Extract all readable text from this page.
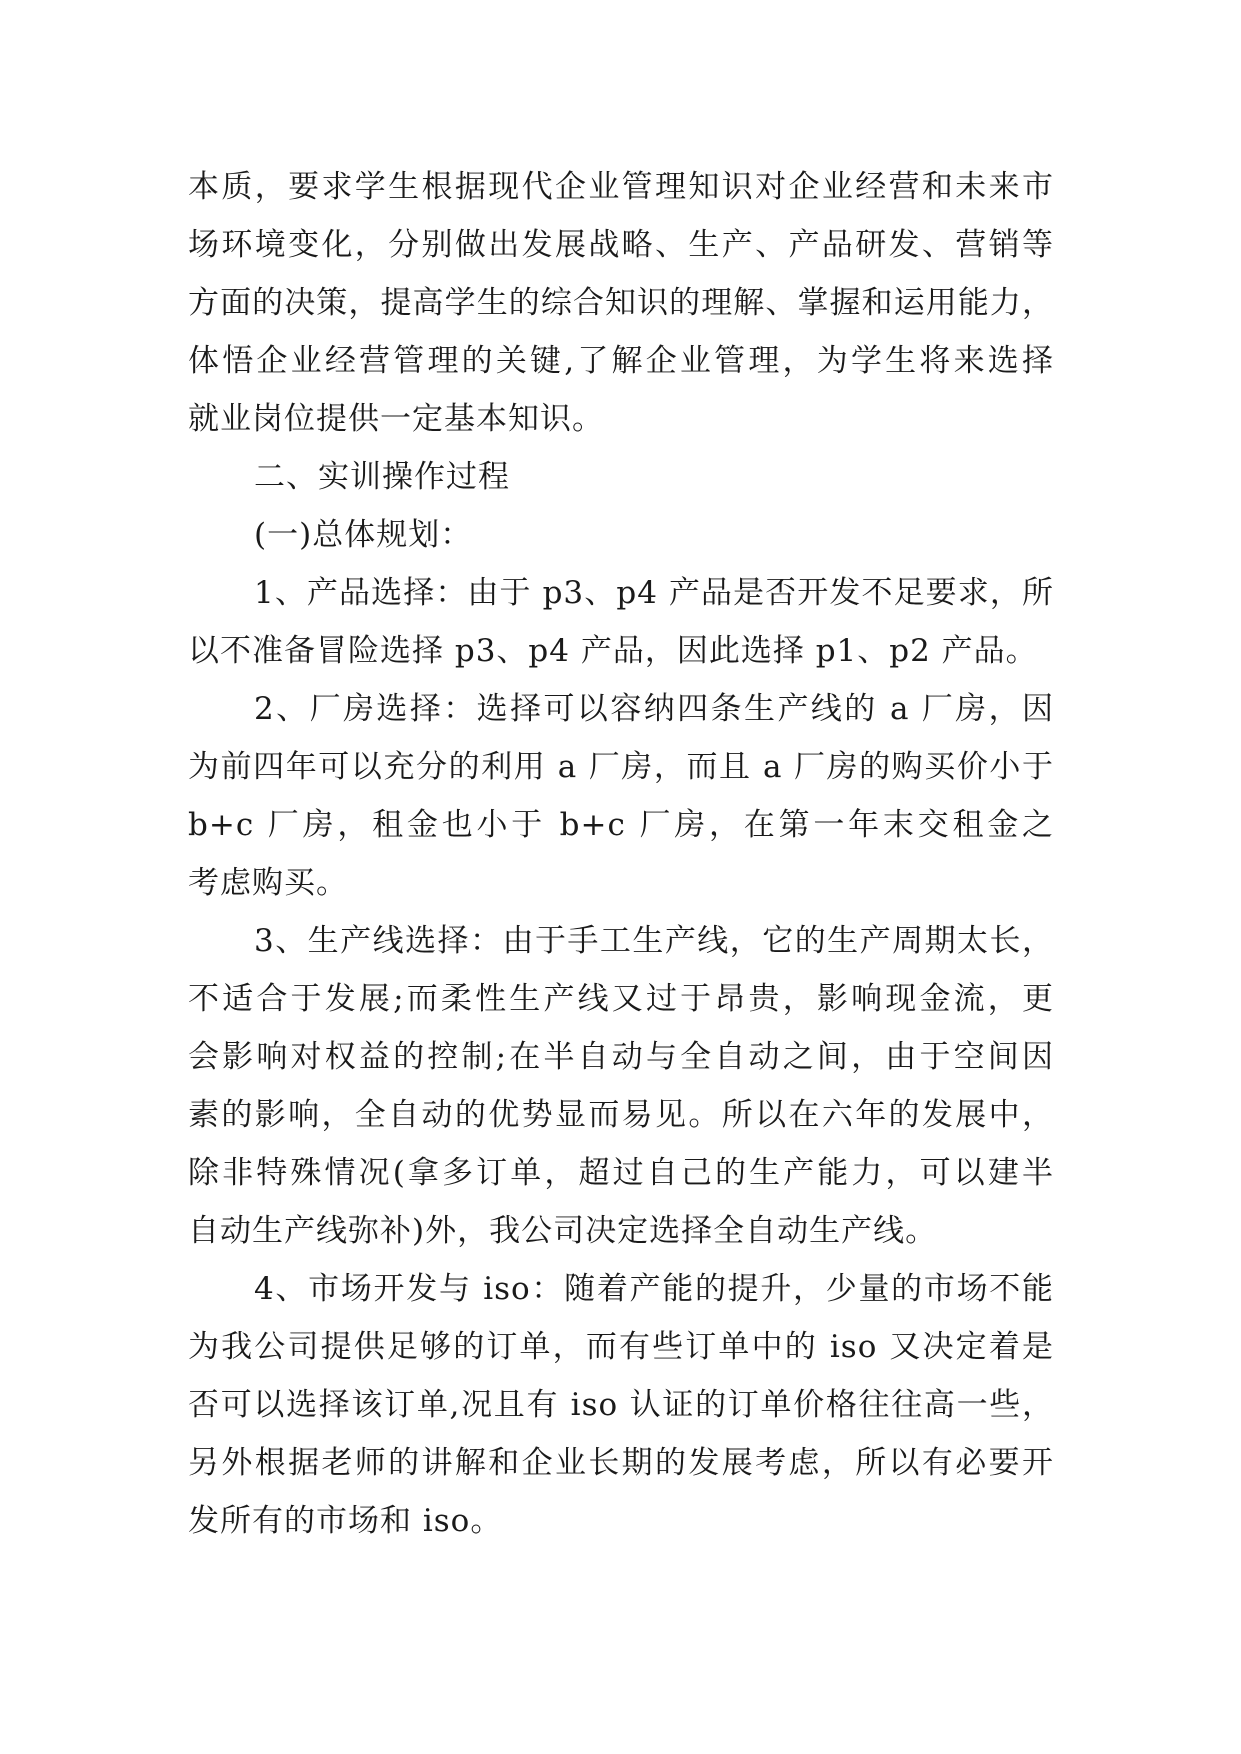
本质，要求学生根据现代企业管理知识对企业经营和未来市
场环境变化，分别做出发展战略、生产、产品研发、营销等
方面的决策，提高学生的综合知识的理解、掌握和运用能力，
体悟企业经营管理的关键,了解企业管理，为学生将来选择
就业岗位提供一定基本知识。
二、实训操作过程
(一)总体规划：
1、产品选择：由于 p3、p4 产品是否开发不足要求，所
以不准备冒险选择 p3、p4 产品，因此选择 p1、p2 产品。
2、厂房选择：选择可以容纳四条生产线的 a 厂房，因
为前四年可以充分的利用 a 厂房，而且 a 厂房的购买价小于
b+c 厂房，租金也小于 b+c 厂房，在第一年末交租金之
考虑购买。
3、生产线选择：由于手工生产线，它的生产周期太长，
不适合于发展;而柔性生产线又过于昂贵，影响现金流，更
会影响对权益的控制;在半自动与全自动之间，由于空间因
素的影响，全自动的优势显而易见。所以在六年的发展中，
除非特殊情况(拿多订单，超过自己的生产能力，可以建半
自动生产线弥补)外，我公司决定选择全自动生产线。
4、市场开发与 iso：随着产能的提升，少量的市场不能
为我公司提供足够的订单，而有些订单中的 iso 又决定着是
否可以选择该订单,况且有 iso 认证的订单价格往往高一些，
另外根据老师的讲解和企业长期的发展考虑，所以有必要开
发所有的市场和 iso。
